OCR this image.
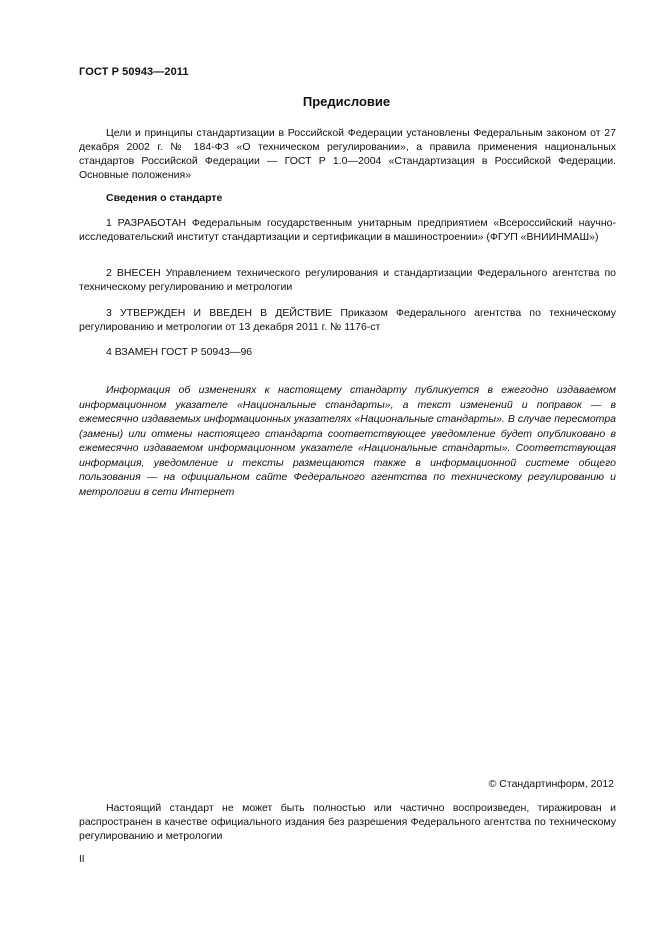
ГОСТ Р 50943—2011
Предисловие

Цели и принципы стандартизации в Российской Федерации установлены Федеральным законом от 27 декабря 2002 г. № 184-ФЗ «О техническом регулировании», а правила применения национальных стандартов Российской Федерации — ГОСТ Р 1.0—2004 «Стандартизация в Российской Федерации. Основные положения»

Сведения о стандарте

1 РАЗРАБОТАН Федеральным государственным унитарным предприятием «Всероссийский научно-исследовательский институт стандартизации и сертификации в машиностроении» (ФГУП «ВНИИНМАШ»)

2 ВНЕСЕН Управлением технического регулирования и стандартизации Федерального агентства по техническому регулированию и метрологии

3 УТВЕРЖДЕН И ВВЕДЕН В ДЕЙСТВИЕ Приказом Федерального агентства по техническому регулированию и метрологии от 13 декабря 2011 г. № 1176-ст

4 ВЗАМЕН ГОСТ Р 50943—96

Информация об изменениях к настоящему стандарту публикуется в ежегодно издаваемом информационном указателе «Национальные стандарты», а текст изменений и поправок — в ежемесячно издаваемых информационных указателях «Национальные стандарты». В случае пересмотра (замены) или отмены настоящего стандарта соответствующее уведомление будет опубликовано в ежемесячно издаваемом информационном указателе «Национальные стандарты». Соответствующая информация, уведомление и тексты размещаются также в информационной системе общего пользования — на официальном сайте Федерального агентства по техническому регулированию и метрологии в сети Интернет

© Стандартинформ, 2012

Настоящий стандарт не может быть полностью или частично воспроизведен, тиражирован и распространен в качестве официального издания без разрешения Федерального агентства по техническому регулированию и метрологии

II
